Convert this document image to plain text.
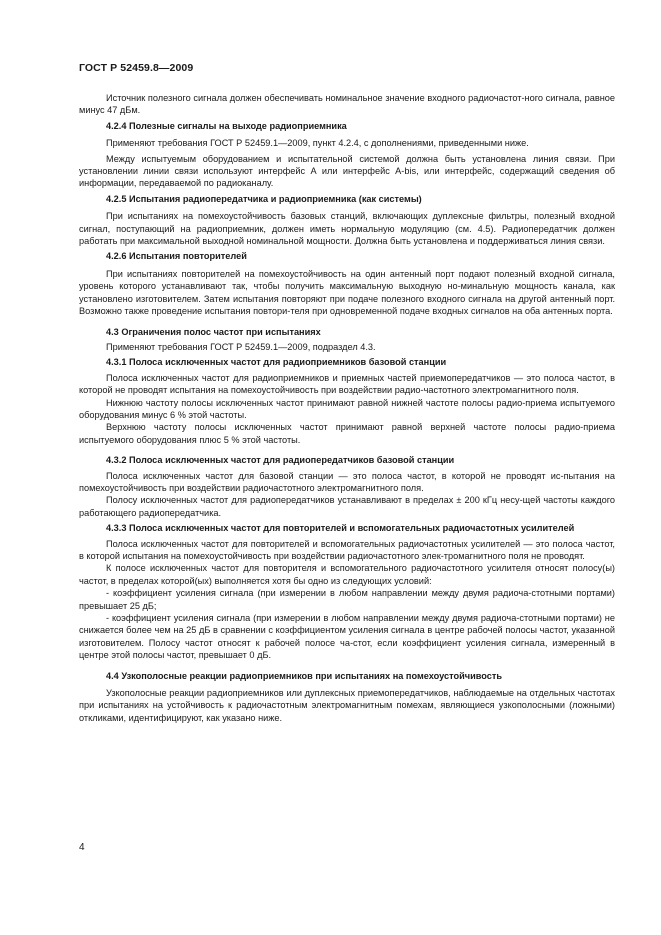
ГОСТ Р 52459.8—2009

Источник полезного сигнала должен обеспечивать номинальное значение входного радиочастот-ного сигнала, равное минус 47 дБм.

4.2.4 Полезные сигналы на выходе радиоприемника

Применяют требования ГОСТ Р 52459.1—2009, пункт 4.2.4, с дополнениями, приведенными ниже.

Между испытуемым оборудованием и испытательной системой должна быть установлена линия связи. При установлении линии связи используют интерфейс А или интерфейс A-bis, или интерфейс, содержащий сведения об информации, передаваемой по радиоканалу.

4.2.5 Испытания радиопередатчика и радиоприемника (как системы)

При испытаниях на помехоустойчивость базовых станций, включающих дуплексные фильтры, полезный входной сигнал, поступающий на радиоприемник, должен иметь нормальную модуляцию (см. 4.5). Радиопередатчик должен работать при максимальной выходной номинальной мощности. Должна быть установлена и поддерживаться линия связи.

4.2.6 Испытания повторителей

При испытаниях повторителей на помехоустойчивость на один антенный порт подают полезный входной сигнала, уровень которого устанавливают так, чтобы получить максимальную выходную но-минальную мощность канала, как установлено изготовителем. Затем испытания повторяют при подаче полезного входного сигнала на другой антенный порт. Возможно также проведение испытания повтори-теля при одновременной подаче входных сигналов на оба антенных порта.

4.3 Ограничения полос частот при испытаниях

Применяют требования ГОСТ Р 52459.1—2009, подраздел 4.3.

4.3.1 Полоса исключенных частот для радиоприемников базовой станции

Полоса исключенных частот для радиоприемников и приемных частей приемопередатчиков — это полоса частот, в которой не проводят испытания на помехоустойчивость при воздействии радио-частотного электромагнитного поля.

Нижнюю частоту полосы исключенных частот принимают равной нижней частоте полосы радио-приема испытуемого оборудования минус 6 % этой частоты.

Верхнюю частоту полосы исключенных частот принимают равной верхней частоте полосы радио-приема испытуемого оборудования плюс 5 % этой частоты.

4.3.2 Полоса исключенных частот для радиопередатчиков базовой станции

Полоса исключенных частот для базовой станции — это полоса частот, в которой не проводят ис-пытания на помехоустойчивость при воздействии радиочастотного электромагнитного поля.

Полосу исключенных частот для радиопередатчиков устанавливают в пределах ± 200 кГц несу-щей частоты каждого работающего радиопередатчика.

4.3.3 Полоса исключенных частот для повторителей и вспомогательных радиочастотных усилителей

Полоса исключенных частот для повторителей и вспомогательных радиочастотных усилителей — это полоса частот, в которой испытания на помехоустойчивость при воздействии радиочастотного элек-тромагнитного поля не проводят.

К полосе исключенных частот для повторителя и вспомогательного радиочастотного усилителя относят полосу(ы) частот, в пределах которой(ых) выполняется хотя бы одно из следующих условий:

- коэффициент усиления сигнала (при измерении в любом направлении между двумя радиоча-стотными портами) превышает 25 дБ;

- коэффициент усиления сигнала (при измерении в любом направлении между двумя радиоча-стотными портами) не снижается более чем на 25 дБ в сравнении с коэффициентом усиления сигнала в центре рабочей полосы частот, указанной изготовителем. Полосу частот относят к рабочей полосе ча-стот, если коэффициент усиления сигнала, измеренный в центре этой полосы частот, превышает 0 дБ.

4.4 Узкополосные реакции радиоприемников при испытаниях на помехоустойчивость

Узкополосные реакции радиоприемников или дуплексных приемопередатчиков, наблюдаемые на отдельных частотах при испытаниях на устойчивость к радиочастотным электромагнитным помехам, являющиеся узкополосными (ложными) откликами, идентифицируют, как указано ниже.

4
